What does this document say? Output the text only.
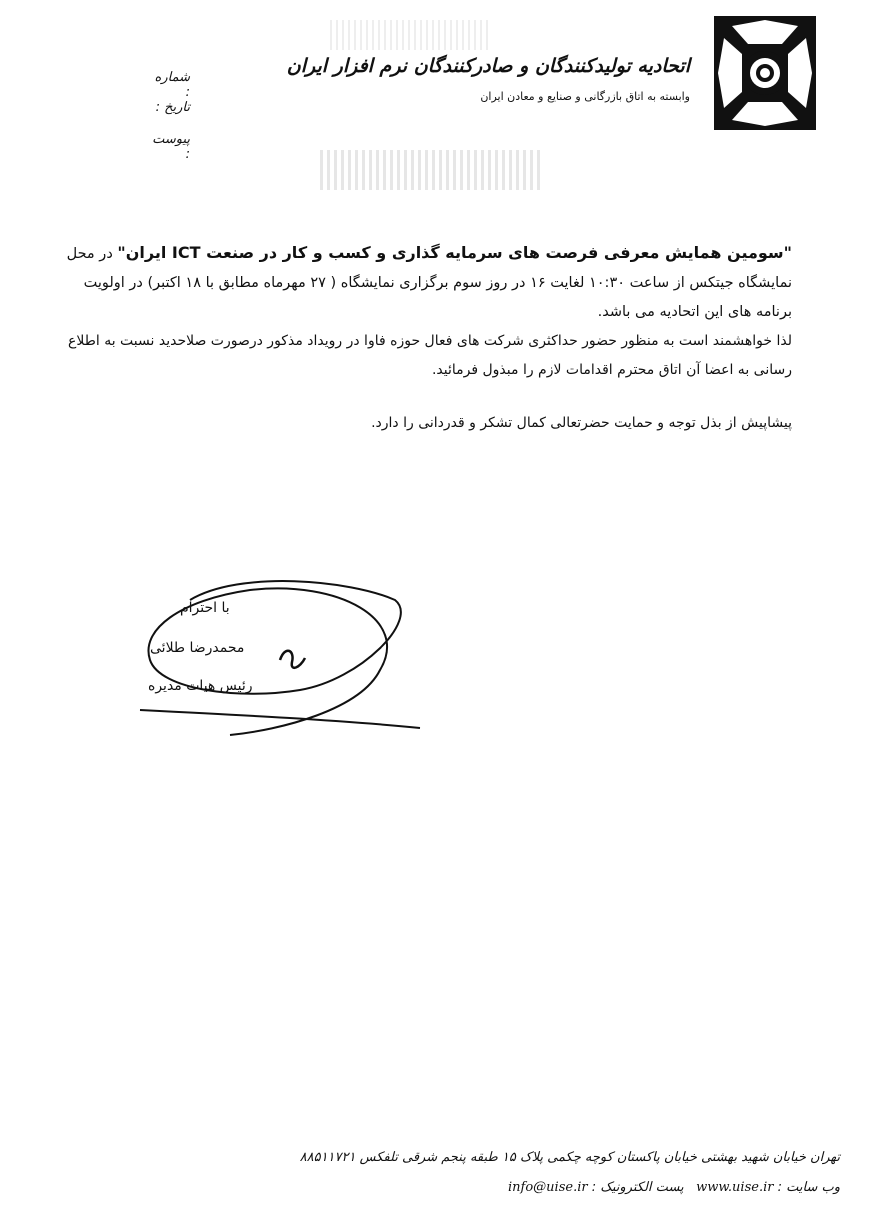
اتحادیه تولیدکنندگان و صادرکنندگان نرم افزار ایران
وابسته به اتاق بازرگانی و صنایع و معادن ایران
شماره :
تاریخ :
پیوست :

"سومین همایش معرفی فرصت های سرمایه گذاری و کسب و کار در صنعت ICT ایران" در محل نمایشگاه جیتکس از ساعت ۱۰:۳۰ لغایت ۱۶ در روز سوم برگزاری نمایشگاه ( ۲۷ مهرماه مطابق با ۱۸ اکتبر) در اولویت برنامه های این اتحادیه می باشد.

لذا خواهشمند است به منظور حضور حداکثری شرکت های فعال حوزه فاوا در رویداد مذکور درصورت صلاحدید نسبت به اطلاع رسانی به اعضا آن اتاق محترم اقدامات لازم را مبذول فرمائید.

پیشاپیش از بذل توجه و حمایت حضرتعالی کمال تشکر و قدردانی را دارد.

با احترام
محمدرضا طلائی
رئیس هیات مدیره
تهران خیابان شهید بهشتی خیابان پاکستان کوچه چکمی پلاک ۱۵ طبقه پنجم شرقی تلفکس ۸۸۵۱۱۷۲۱
وب سایت : www.uise.ir   پست الکترونیک : info@uise.ir
